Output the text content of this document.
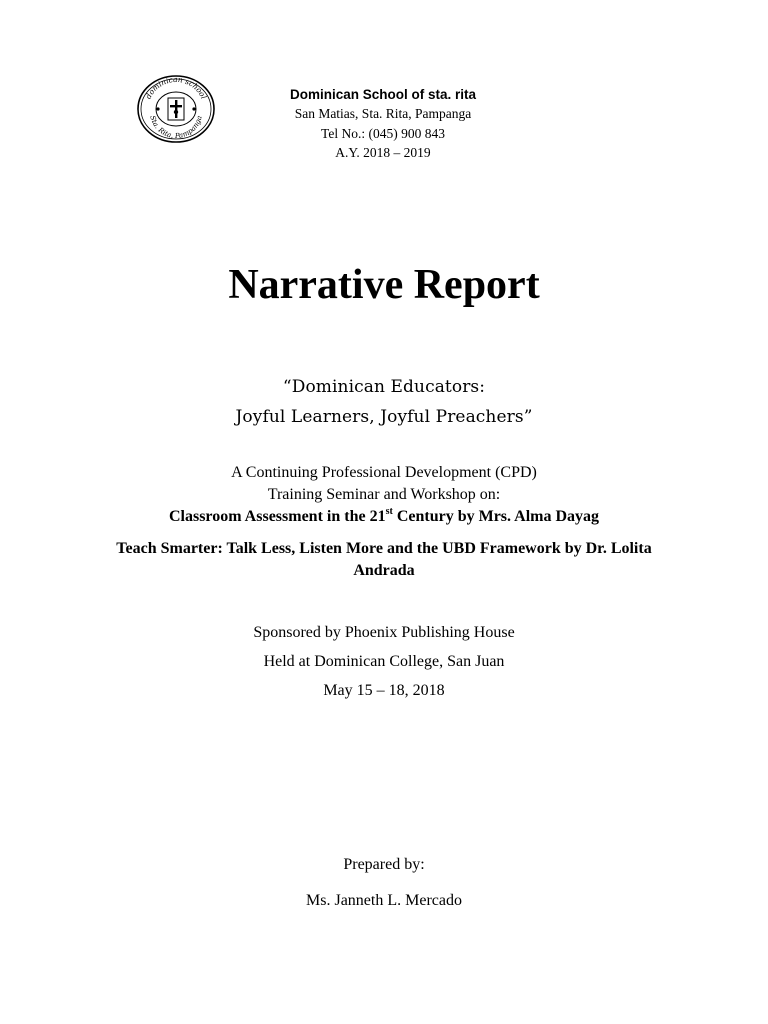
dominican school
Sta. Rita, Pampanga
Dominican School of sta. rita
San Matias, Sta. Rita, Pampanga
Tel No.: (045) 900 843
A.Y. 2018 – 2019
Narrative Report
“Dominican Educators:
Joyful Learners, Joyful Preachers”
A Continuing Professional Development (CPD)
Training Seminar and Workshop on:
Classroom Assessment in the 21st Century by Mrs. Alma Dayag
Teach Smarter: Talk Less, Listen More and the UBD Framework by Dr. Lolita Andrada
Sponsored by Phoenix Publishing House
Held at Dominican College, San Juan
May 15 – 18, 2018
Prepared by:
Ms. Janneth L. Mercado
